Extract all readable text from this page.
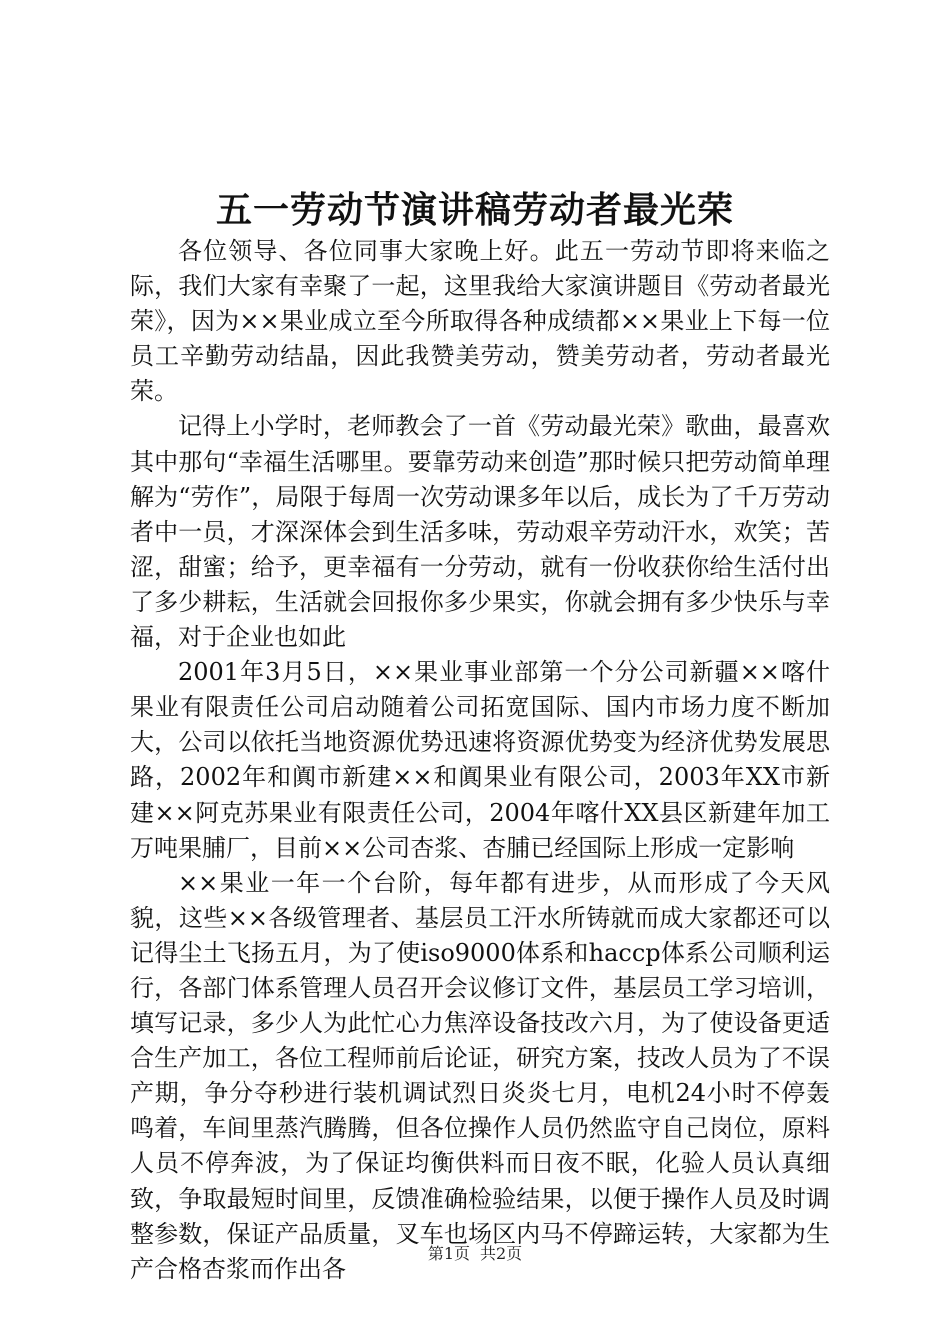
五一劳动节演讲稿劳动者最光荣

各位领导、各位同事大家晚上好。此五一劳动节即将来临之际，我们大家有幸聚了一起，这里我给大家演讲题目《劳动者最光荣》，因为××果业成立至今所取得各种成绩都××果业上下每一位员工辛勤劳动结晶，因此我赞美劳动，赞美劳动者，劳动者最光荣。

记得上小学时，老师教会了一首《劳动最光荣》歌曲，最喜欢其中那句“幸福生活哪里。要靠劳动来创造”那时候只把劳动简单理解为“劳作”，局限于每周一次劳动课多年以后，成长为了千万劳动者中一员，才深深体会到生活多味，劳动艰辛劳动汗水，欢笑；苦涩，甜蜜；给予，更幸福有一分劳动，就有一份收获你给生活付出了多少耕耘，生活就会回报你多少果实，你就会拥有多少快乐与幸福，对于企业也如此

2001年3月5日，××果业事业部第一个分公司新疆××喀什果业有限责任公司启动随着公司拓宽国际、国内市场力度不断加大，公司以依托当地资源优势迅速将资源优势变为经济优势发展思路，2002年和阗市新建××和阗果业有限公司，2003年XX市新建××阿克苏果业有限责任公司，2004年喀什XX县区新建年加工万吨果脯厂，目前××公司杏浆、杏脯已经国际上形成一定影响

××果业一年一个台阶，每年都有进步，从而形成了今天风貌，这些××各级管理者、基层员工汗水所铸就而成大家都还可以记得尘土飞扬五月，为了使iso9000体系和haccp体系公司顺利运行，各部门体系管理人员召开会议修订文件，基层员工学习培训，填写记录，多少人为此忙心力焦淬设备技改六月，为了使设备更适合生产加工，各位工程师前后论证，研究方案，技改人员为了不误产期，争分夺秒进行装机调试烈日炎炎七月，电机24小时不停轰鸣着，车间里蒸汽腾腾，但各位操作人员仍然监守自己岗位，原料人员不停奔波，为了保证均衡供料而日夜不眠，化验人员认真细致，争取最短时间里，反馈准确检验结果，以便于操作人员及时调整参数，保证产品质量，叉车也场区内马不停蹄运转，大家都为生产合格杏浆而作出各

第1页 共2页
